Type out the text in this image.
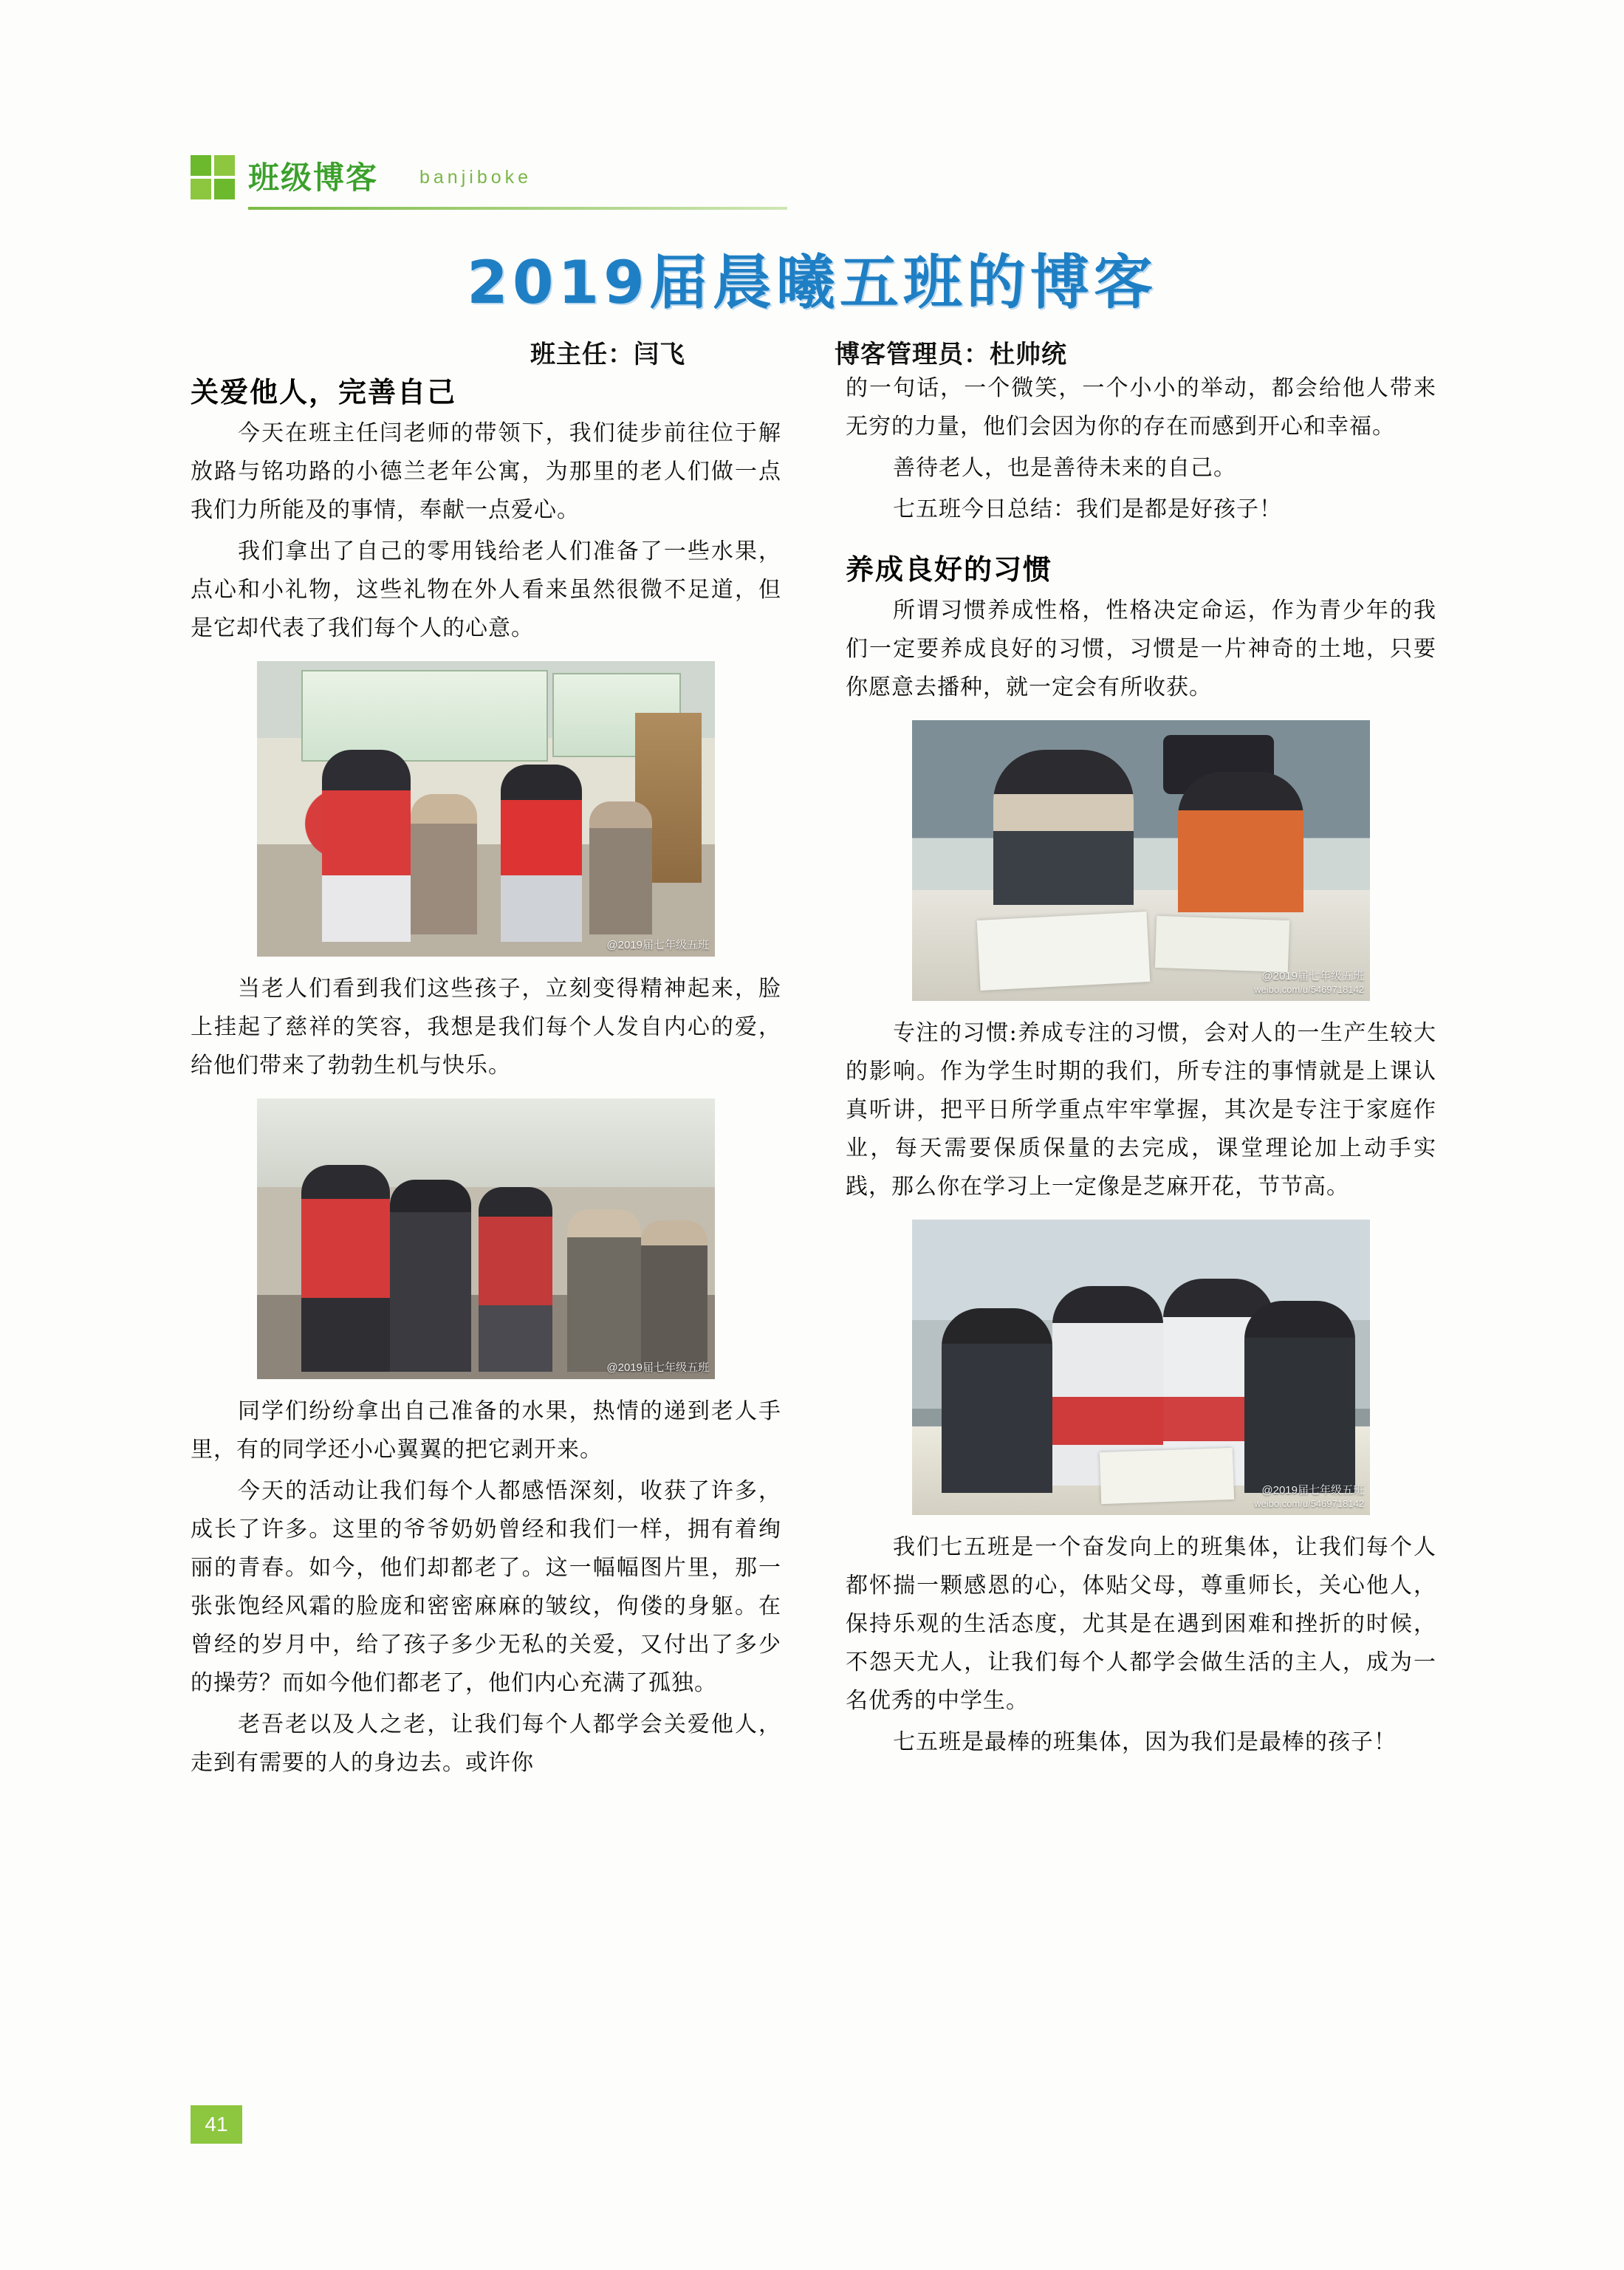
班级博客 banjiboke
2019届晨曦五班的博客
班主任：闫飞	博客管理员：杜帅统
关爱他人，完善自己

今天在班主任闫老师的带领下，我们徒步前往位于解放路与铭功路的小德兰老年公寓，为那里的老人们做一点我们力所能及的事情，奉献一点爱心。

我们拿出了自己的零用钱给老人们准备了一些水果，点心和小礼物，这些礼物在外人看来虽然很微不足道，但是它却代表了我们每个人的心意。

@2019届七年级五班

当老人们看到我们这些孩子，立刻变得精神起来，脸上挂起了慈祥的笑容，我想是我们每个人发自内心的爱，给他们带来了勃勃生机与快乐。

@2019届七年级五班

同学们纷纷拿出自己准备的水果，热情的递到老人手里，有的同学还小心翼翼的把它剥开来。

今天的活动让我们每个人都感悟深刻，收获了许多，成长了许多。这里的爷爷奶奶曾经和我们一样，拥有着绚丽的青春。如今，他们却都老了。这一幅幅图片里，那一张张饱经风霜的脸庞和密密麻麻的皱纹，佝偻的身躯。在曾经的岁月中，给了孩子多少无私的关爱，又付出了多少的操劳？而如今他们都老了，他们内心充满了孤独。

老吾老以及人之老，让我们每个人都学会关爱他人，走到有需要的人的身边去。或许你

的一句话，一个微笑，一个小小的举动，都会给他人带来无穷的力量，他们会因为你的存在而感到开心和幸福。

善待老人，也是善待未来的自己。

七五班今日总结：我们是都是好孩子！

养成良好的习惯

所谓习惯养成性格，性格决定命运，作为青少年的我们一定要养成良好的习惯，习惯是一片神奇的土地，只要你愿意去播种，就一定会有所收获。

@2019届七年级五班
weibo.com/u/5469718142

专注的习惯:养成专注的习惯，会对人的一生产生较大的影响。作为学生时期的我们，所专注的事情就是上课认真听讲，把平日所学重点牢牢掌握，其次是专注于家庭作业，每天需要保质保量的去完成，课堂理论加上动手实践，那么你在学习上一定像是芝麻开花，节节高。

@2019届七年级五班
weibo.com/u/5469718142

我们七五班是一个奋发向上的班集体，让我们每个人都怀揣一颗感恩的心，体贴父母，尊重师长，关心他人，保持乐观的生活态度，尤其是在遇到困难和挫折的时候，不怨天尤人，让我们每个人都学会做生活的主人，成为一名优秀的中学生。

七五班是最棒的班集体，因为我们是最棒的孩子！

41
